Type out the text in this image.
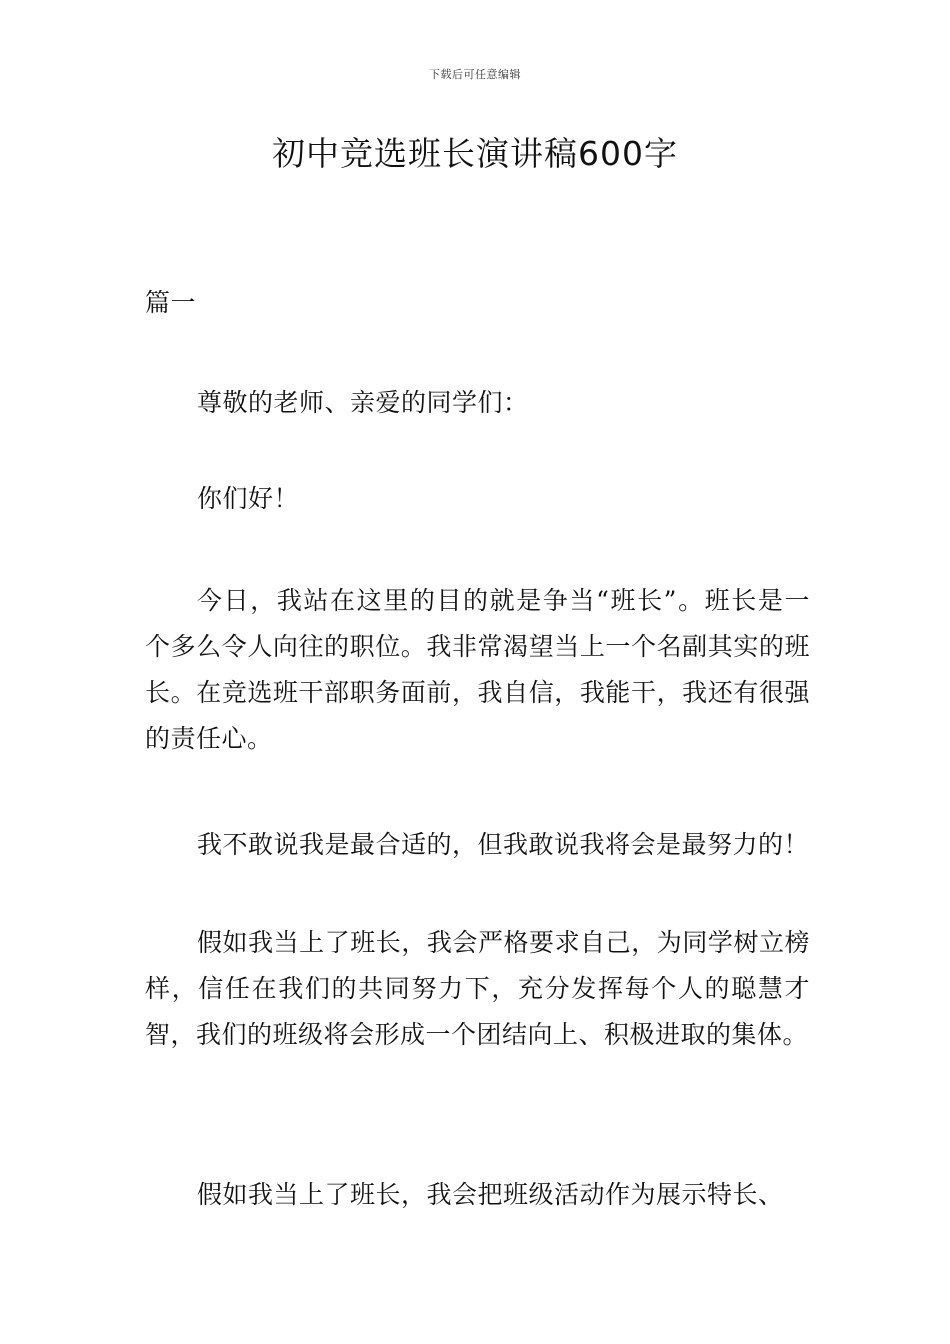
下载后可任意编辑
初中竞选班长演讲稿600字

篇一

尊敬的老师、亲爱的同学们：

你们好！

今日，我站在这里的目的就是争当“班长”。班长是一个多么令人向往的职位。我非常渴望当上一个名副其实的班长。在竞选班干部职务面前，我自信，我能干，我还有很强的责任心。

我不敢说我是最合适的，但我敢说我将会是最努力的！

假如我当上了班长，我会严格要求自己，为同学树立榜样，信任在我们的共同努力下，充分发挥每个人的聪慧才智，我们的班级将会形成一个团结向上、积极进取的集体。

假如我当上了班长，我会把班级活动作为展示特长、
